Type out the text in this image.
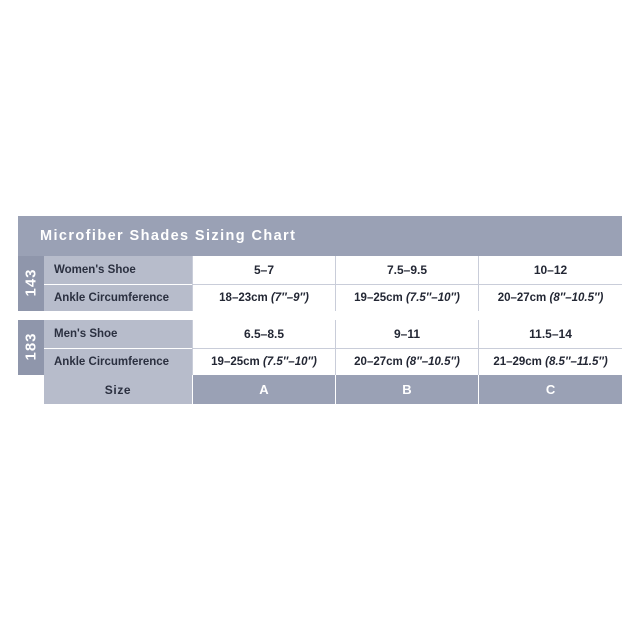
Microfiber Shades Sizing Chart				

143	Women's Shoe	5–7	7.5–9.5	10–12
	Ankle Circumference	18–23cm (7″–9″)	19–25cm (7.5″–10″)	20–27cm (8″–10.5″)

183	Men's Shoe	6.5–8.5	9–11	11.5–14
	Ankle Circumference	19–25cm (7.5″–10″)	20–27cm (8″–10.5″)	21–29cm (8.5″–11.5″)
	Size	A	B	C
